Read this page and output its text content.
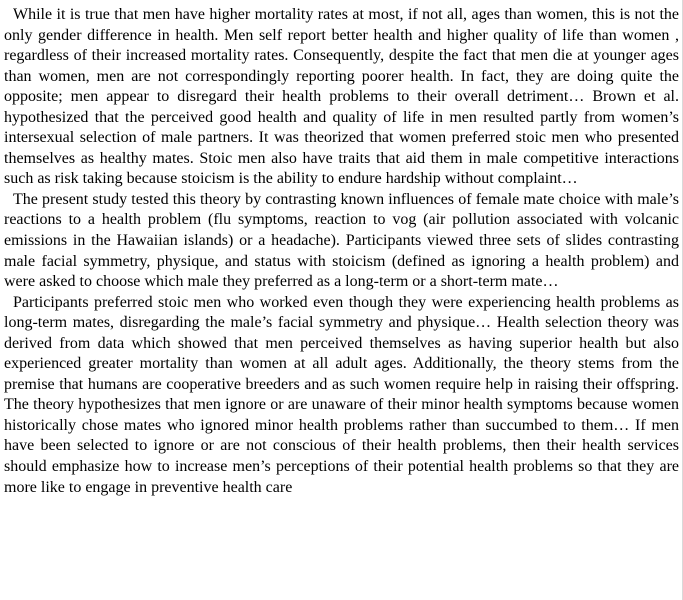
While it is true that men have higher mortality rates at most, if not all, ages than women, this is not the only gender difference in health. Men self report better health and higher quality of life than women , regardless of their increased mortality rates. Consequently, despite the fact that men die at younger ages than women, men are not correspondingly reporting poorer health. In fact, they are doing quite the opposite; men appear to disregard their health problems to their overall detriment… Brown et al. hypothesized that the perceived good health and quality of life in men resulted partly from women’s intersexual selection of male partners. It was theorized that women preferred stoic men who presented themselves as healthy mates. Stoic men also have traits that aid them in male competitive interactions such as risk taking because stoicism is the ability to endure hardship without complaint…

The present study tested this theory by contrasting known influences of female mate choice with male’s reactions to a health problem (flu symptoms, reaction to vog (air pollution associated with volcanic emissions in the Hawaiian islands) or a headache). Participants viewed three sets of slides contrasting male facial symmetry, physique, and status with stoicism (defined as ignoring a health problem) and were asked to choose which male they preferred as a long-term or a short-term mate…

Participants preferred stoic men who worked even though they were experiencing health problems as long-term mates, disregarding the male’s facial symmetry and physique… Health selection theory was derived from data which showed that men perceived themselves as having superior health but also experienced greater mortality than women at all adult ages. Additionally, the theory stems from the premise that humans are cooperative breeders and as such women require help in raising their offspring. The theory hypothesizes that men ignore or are unaware of their minor health symptoms because women historically chose mates who ignored minor health problems rather than succumbed to them… If men have been selected to ignore or are not conscious of their health problems, then their health services should emphasize how to increase men’s perceptions of their potential health problems so that they are more like to engage in preventive health care
